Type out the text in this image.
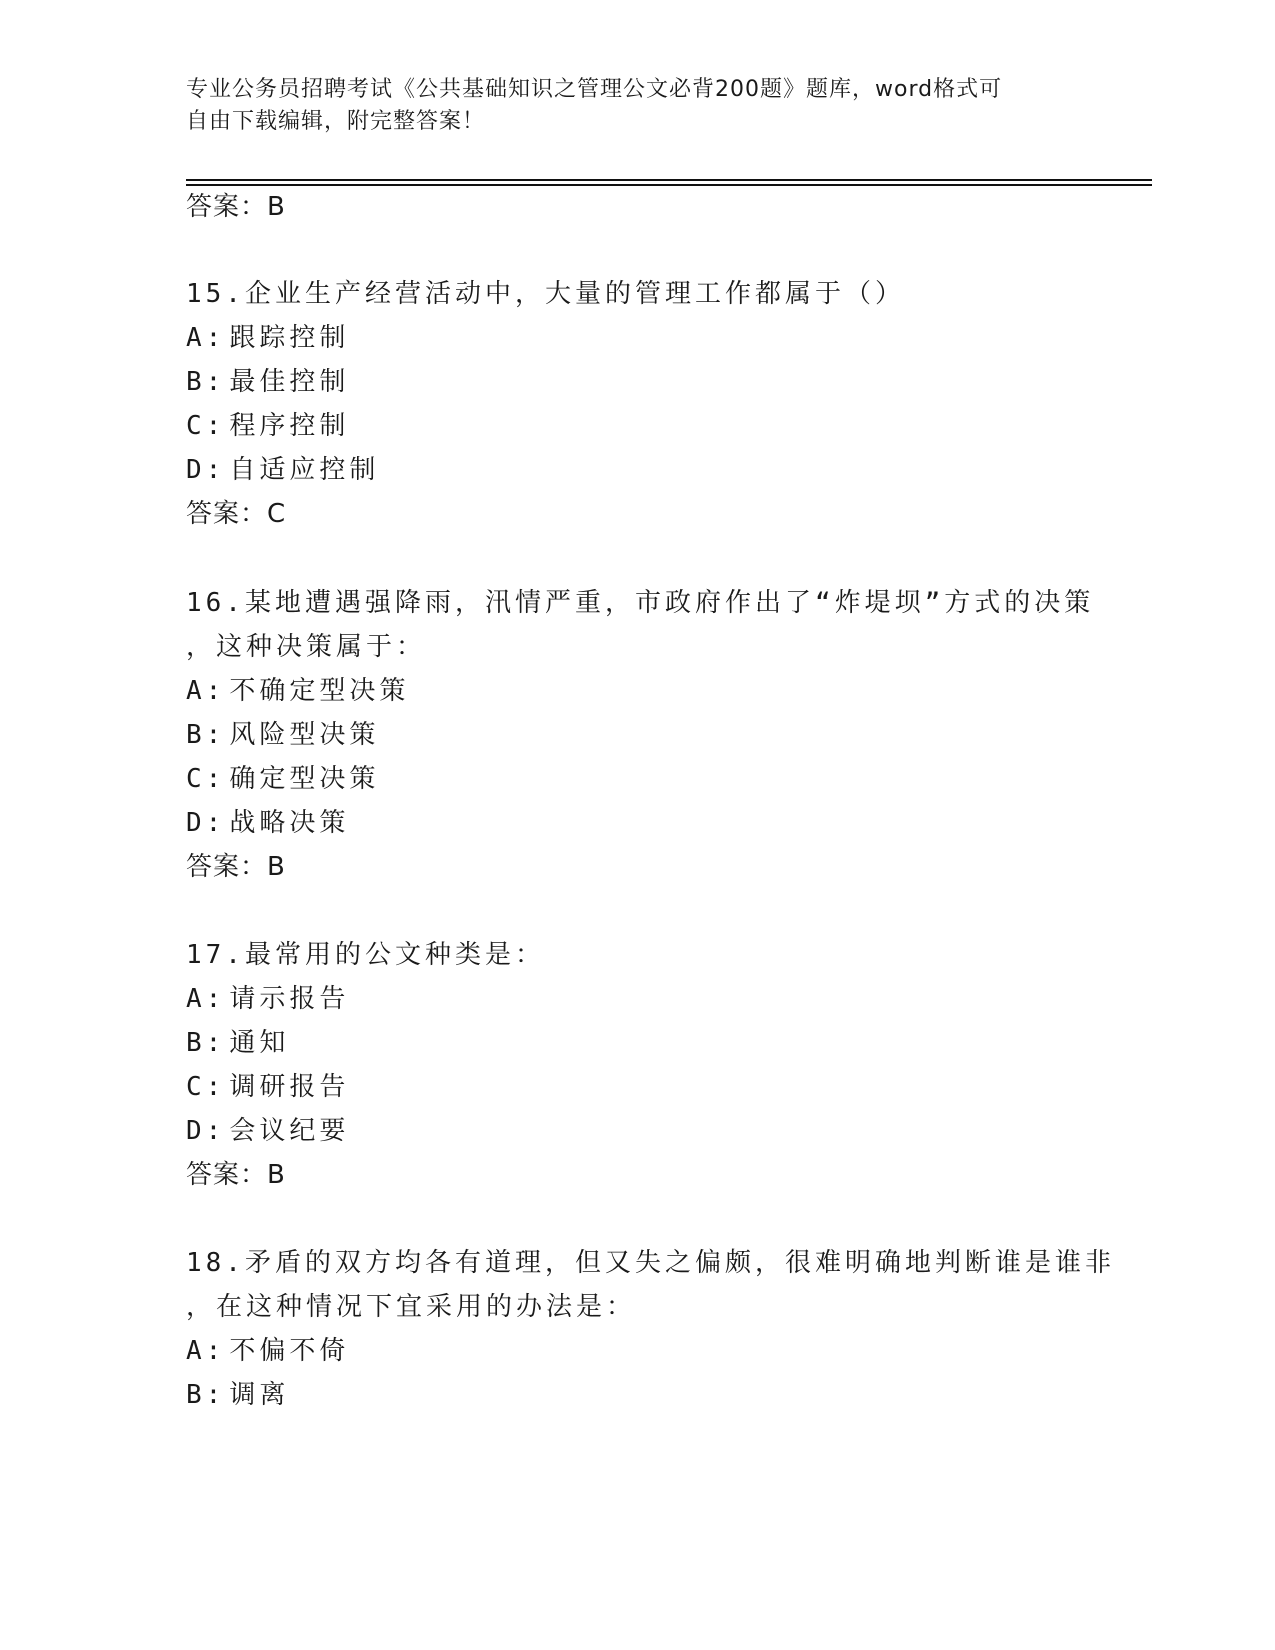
专业公务员招聘考试《公共基础知识之管理公文必背200题》题库，word格式可
自由下载编辑，附完整答案！
答案：B
15.企业生产经营活动中，大量的管理工作都属于（）
A: 跟踪控制
B: 最佳控制
C: 程序控制
D: 自适应控制
答案：C
16.某地遭遇强降雨，汛情严重，市政府作出了“炸堤坝”方式的决策
，这种决策属于：
A: 不确定型决策
B: 风险型决策
C: 确定型决策
D: 战略决策
答案：B
17.最常用的公文种类是：
A: 请示报告
B: 通知
C: 调研报告
D: 会议纪要
答案：B
18.矛盾的双方均各有道理，但又失之偏颇，很难明确地判断谁是谁非
，在这种情况下宜采用的办法是：
A: 不偏不倚
B: 调离
